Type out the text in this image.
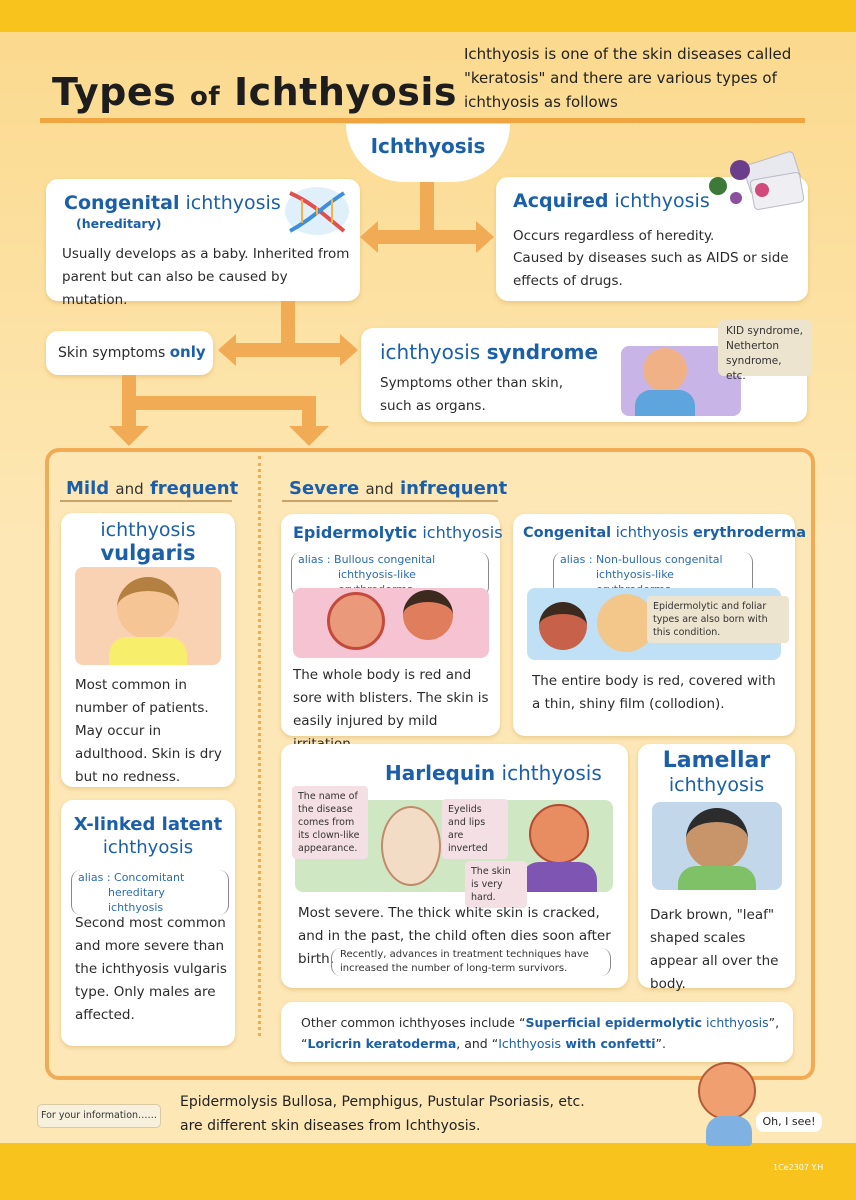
Types of Ichthyosis
Ichthyosis is one of the skin diseases called "keratosis" and there are various types of ichthyosis as follows
Ichthyosis
Congenital ichthyosis
(hereditary)
Usually develops as a baby. Inherited from parent but can also be caused by mutation.
Acquired ichthyosis
Occurs regardless of heredity.
Caused by diseases such as AIDS or side effects of drugs.
Skin symptoms only	ichthyosis syndrome
Symptoms other than skin, such as organs.
KID syndrome, Netherton syndrome, etc.
Mild and frequent	Severe and infrequent
ichthyosis
vulgaris
Most common in number of patients. May occur in adulthood. Skin is dry but no redness.
X-linked latent
ichthyosis
alias : Concomitant
hereditary ichthyosis
Second most common and more severe than the ichthyosis vulgaris type. Only males are affected.
Epidermolytic ichthyosis
alias : Bullous congenital
ichthyosis-like
The whole body is red and sore with blisters. The skin is easily injured by mild
Congenital ichthyosis erythroderma
alias : Non-bullous congenital
ichthyosis-like
Epidermolytic and foliar types are also born with this condition.
The entire body is red, covered with a thin, shiny film (collodion).
Harlequin ichthyosis
The name of the disease comes from its clown-like appearance.
Eyelids and lips are inverted
The skin is very hard.
Most severe. The thick white skin is cracked, and in the past, the child often dies soon after birth. Recently, advances in treatment techniques have increased the number of long-term survivors.
Lamellar
ichthyosis
Dark brown, "leaf" shaped scales appear all over the body.
Other common ichthyoses include “Superficial epidermolytic ichthyosis”,
“Loricrin keratoderma, and “Ichthyosis with confetti”.
For your information……
Epidermolysis Bullosa, Pemphigus, Pustular Psoriasis, etc.
are different skin diseases from Ichthyosis.	Oh, I see!
1Ce2307 Y.H
